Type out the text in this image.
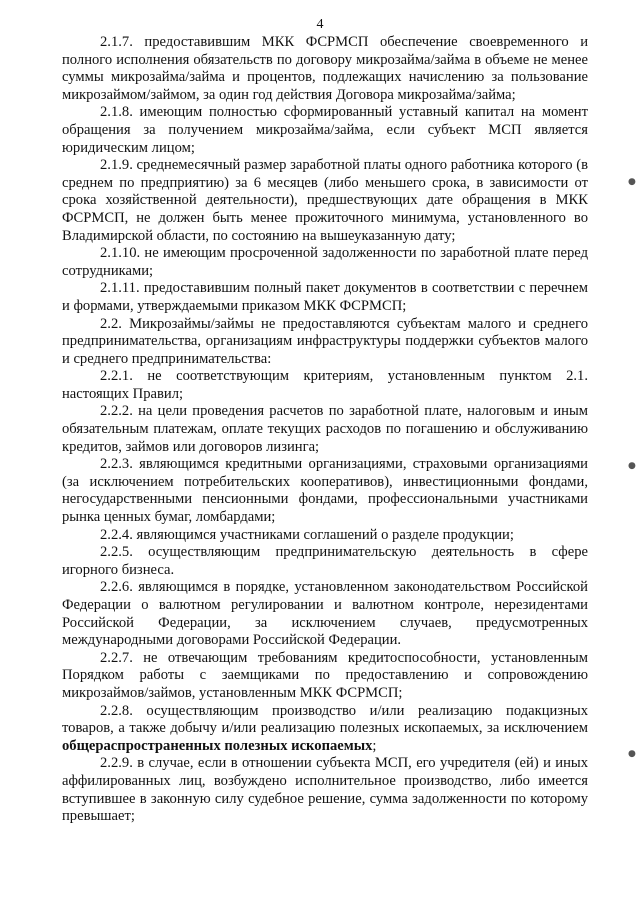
4

2.1.7. предоставившим МКК ФСРМСП обеспечение своевременного и полного исполнения обязательств по договору микрозайма/займа в объеме не менее суммы микрозайма/займа и процентов, подлежащих начислению за пользование микрозаймом/займом, за один год действия Договора микрозайма/займа;

2.1.8. имеющим полностью сформированный уставный капитал на момент обращения за получением микрозайма/займа, если субъект МСП является юридическим лицом;

2.1.9. среднемесячный размер заработной платы одного работника которого (в среднем по предприятию) за 6 месяцев (либо меньшего срока, в зависимости от срока хозяйственной деятельности), предшествующих дате обращения в МКК ФСРМСП, не должен быть менее прожиточного минимума, установленного во Владимирской области, по состоянию на вышеуказанную дату;

2.1.10. не имеющим просроченной задолженности по заработной плате перед сотрудниками;

2.1.11. предоставившим полный пакет документов в соответствии с перечнем и формами, утверждаемыми приказом МКК ФСРМСП;

2.2. Микрозаймы/займы не предоставляются субъектам малого и среднего предпринимательства, организациям инфраструктуры поддержки субъектов малого и среднего предпринимательства:

2.2.1. не соответствующим критериям, установленным пунктом 2.1. настоящих Правил;

2.2.2. на цели проведения расчетов по заработной плате, налоговым и иным обязательным платежам, оплате текущих расходов по погашению и обслуживанию кредитов, займов или договоров лизинга;

2.2.3. являющимся кредитными организациями, страховыми организациями (за исключением потребительских кооперативов), инвестиционными фондами, негосударственными пенсионными фондами, профессиональными участниками рынка ценных бумаг, ломбардами;

2.2.4. являющимся участниками соглашений о разделе продукции;

2.2.5. осуществляющим предпринимательскую деятельность в сфере игорного бизнеса.

2.2.6. являющимся в порядке, установленном законодательством Российской Федерации о валютном регулировании и валютном контроле, нерезидентами Российской Федерации, за исключением случаев, предусмотренных международными договорами Российской Федерации.

2.2.7. не отвечающим требованиям кредитоспособности, установленным Порядком работы с заемщиками по предоставлению и сопровождению микрозаймов/займов, установленным МКК ФСРМСП;

2.2.8. осуществляющим производство и/или реализацию подакцизных товаров, а также добычу и/или реализацию полезных ископаемых, за исключением общераспространенных полезных ископаемых;

2.2.9. в случае, если в отношении субъекта МСП, его учредителя (ей) и иных аффилированных лиц, возбуждено исполнительное производство, либо имеется вступившее в законную силу судебное решение, сумма задолженности по которому превышает;

●
●
●
